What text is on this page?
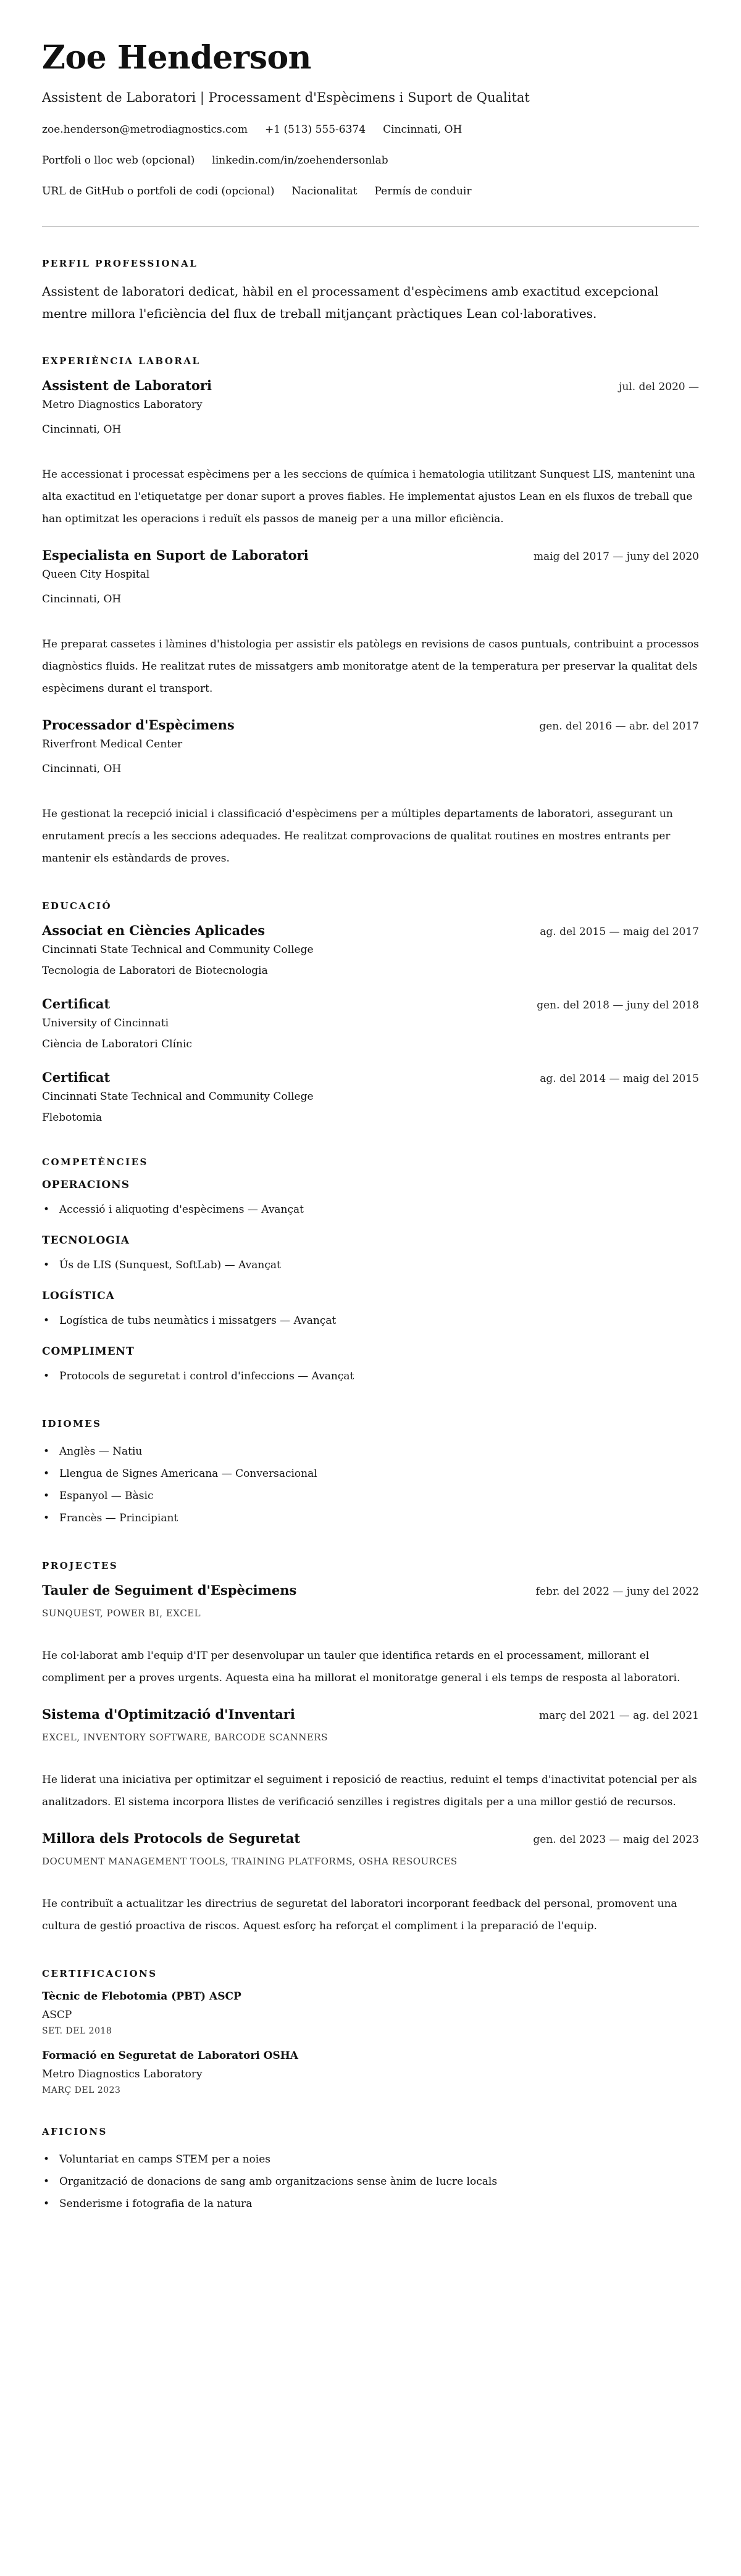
Zoe Henderson
Assistent de Laboratori | Processament d'Espècimens i Suport de Qualitat
zoe.henderson@metrodiagnostics.com +1 (513) 555-6374 Cincinnati, OH
Portfoli o lloc web (opcional) linkedin.com/in/zoehendersonlab
URL de GitHub o portfoli de codi (opcional) Nacionalitat Permís de conduir
PERFIL PROFESSIONAL

Assistent de laboratori dedicat, hàbil en el processament d'espècimens amb exactitud excepcional mentre millora l'eficiència del flux de treball mitjançant pràctiques Lean col·laboratives.

EXPERIÈNCIA LABORAL
Assistent de Laboratori	jul. del 2020 —
Metro Diagnostics Laboratory
Cincinnati, OH

He accessionat i processat espècimens per a les seccions de química i hematologia utilitzant Sunquest LIS, mantenint una alta exactitud en l'etiquetatge per donar suport a proves fiables. He implementat ajustos Lean en els fluxos de treball que han optimitzat les operacions i reduït els passos de maneig per a una millor eficiència.

Especialista en Suport de Laboratori	maig del 2017 — juny del 2020
Queen City Hospital
Cincinnati, OH

He preparat cassetes i làmines d'histologia per assistir els patòlegs en revisions de casos puntuals, contribuint a processos diagnòstics fluids. He realitzat rutes de missatgers amb monitoratge atent de la temperatura per preservar la qualitat dels espècimens durant el transport.

Processador d'Espècimens	gen. del 2016 — abr. del 2017
Riverfront Medical Center
Cincinnati, OH

He gestionat la recepció inicial i classificació d'espècimens per a múltiples departaments de laboratori, assegurant un enrutament precís a les seccions adequades. He realitzat comprovacions de qualitat routines en mostres entrants per mantenir els estàndards de proves.

EDUCACIÓ
Associat en Ciències Aplicades	ag. del 2015 — maig del 2017
Cincinnati State Technical and Community College
Tecnologia de Laboratori de Biotecnologia
Certificat	gen. del 2018 — juny del 2018
University of Cincinnati
Ciència de Laboratori Clínic
Certificat	ag. del 2014 — maig del 2015
Cincinnati State Technical and Community College
Flebotomia
COMPETÈNCIES
OPERACIONS
• Accessió i aliquoting d'espècimens — Avançat
TECNOLOGIA
• Ús de LIS (Sunquest, SoftLab) — Avançat
LOGÍSTICA
• Logística de tubs neumàtics i missatgers — Avançat
COMPLIMENT
• Protocols de seguretat i control d'infeccions — Avançat
IDIOMES
• Anglès — Natiu
• Llengua de Signes Americana — Conversacional
• Espanyol — Bàsic
• Francès — Principiant
PROJECTES
Tauler de Seguiment d'Espècimens	febr. del 2022 — juny del 2022
SUNQUEST, POWER BI, EXCEL

He col·laborat amb l'equip d'IT per desenvolupar un tauler que identifica retards en el processament, millorant el compliment per a proves urgents. Aquesta eina ha millorat el monitoratge general i els temps de resposta al laboratori.

Sistema d'Optimització d'Inventari	març del 2021 — ag. del 2021
EXCEL, INVENTORY SOFTWARE, BARCODE SCANNERS

He liderat una iniciativa per optimitzar el seguiment i reposició de reactius, reduint el temps d'inactivitat potencial per als analitzadors. El sistema incorpora llistes de verificació senzilles i registres digitals per a una millor gestió de recursos.

Millora dels Protocols de Seguretat	gen. del 2023 — maig del 2023
DOCUMENT MANAGEMENT TOOLS, TRAINING PLATFORMS, OSHA RESOURCES

He contribuït a actualitzar les directrius de seguretat del laboratori incorporant feedback del personal, promovent una cultura de gestió proactiva de riscos. Aquest esforç ha reforçat el compliment i la preparació de l'equip.

CERTIFICACIONS
Tècnic de Flebotomia (PBT) ASCP
ASCP
SET. DEL 2018
Formació en Seguretat de Laboratori OSHA
Metro Diagnostics Laboratory
MARÇ DEL 2023
AFICIONS
• Voluntariat en camps STEM per a noies
• Organització de donacions de sang amb organitzacions sense ànim de lucre locals
• Senderisme i fotografia de la natura
